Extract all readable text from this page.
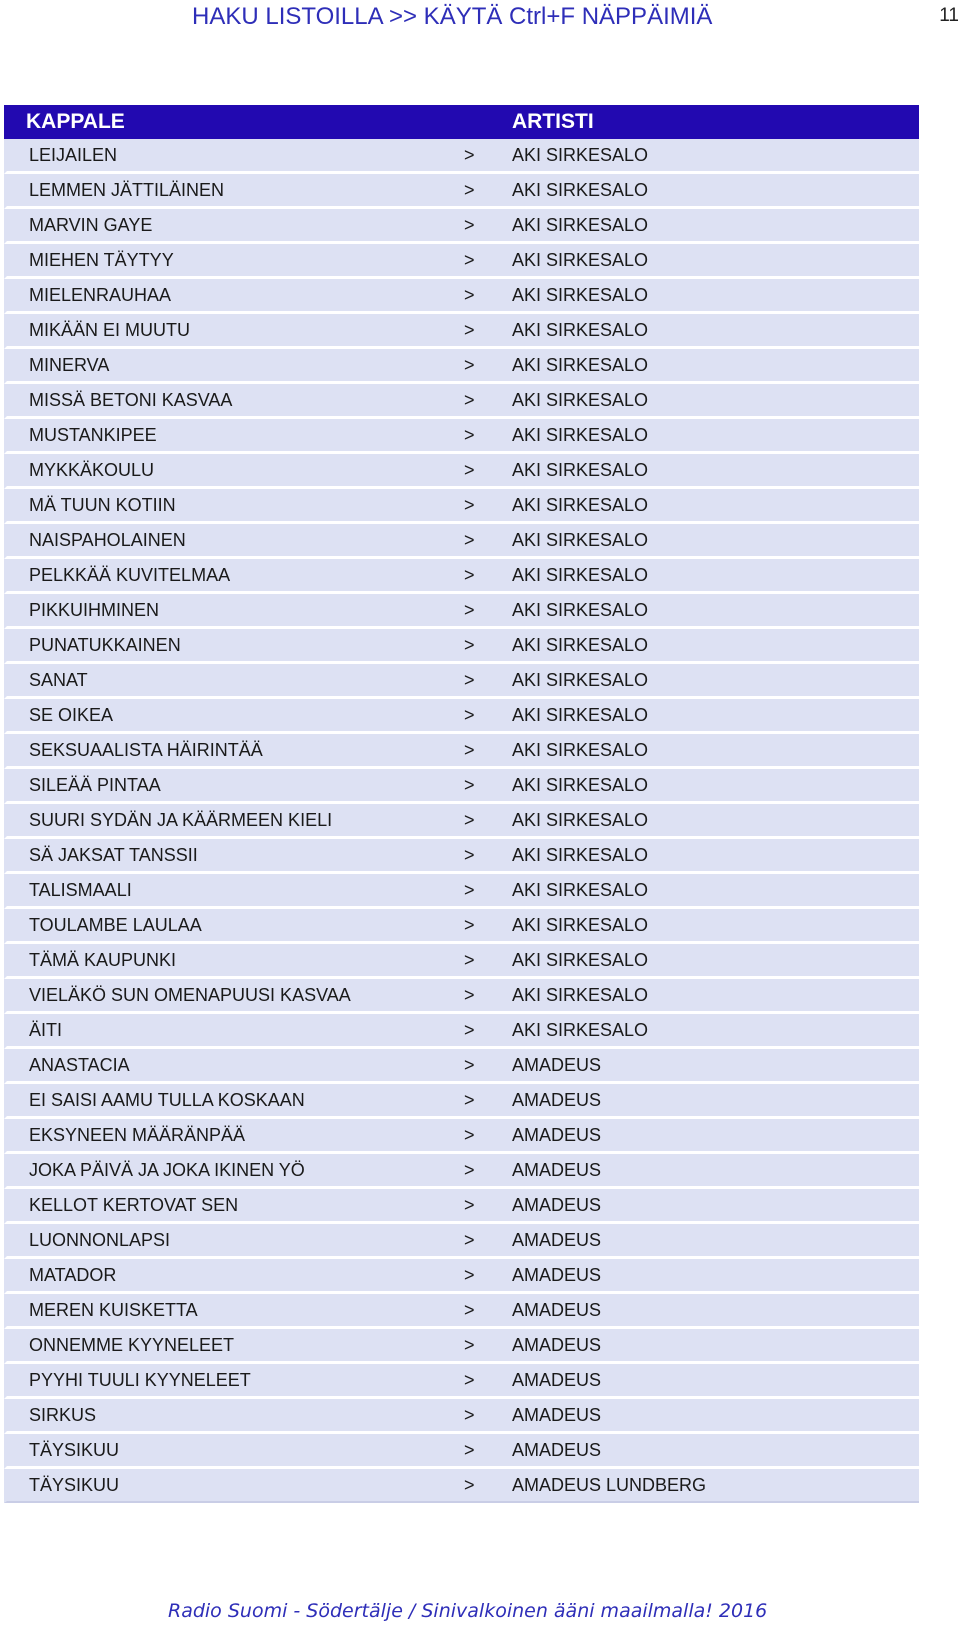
HAKU LISTOILLA >> KÄYTÄ Ctrl+F NÄPPÄIMIÄ	11
KAPPALE		ARTISTI
LEIJAILEN	>	AKI SIRKESALO
LEMMEN JÄTTILÄINEN	>	AKI SIRKESALO
MARVIN GAYE	>	AKI SIRKESALO
MIEHEN TÄYTYY	>	AKI SIRKESALO
MIELENRAUHAA	>	AKI SIRKESALO
MIKÄÄN EI MUUTU	>	AKI SIRKESALO
MINERVA	>	AKI SIRKESALO
MISSÄ BETONI KASVAA	>	AKI SIRKESALO
MUSTANKIPEE	>	AKI SIRKESALO
MYKKÄKOULU	>	AKI SIRKESALO
MÄ TUUN KOTIIN	>	AKI SIRKESALO
NAISPAHOLAINEN	>	AKI SIRKESALO
PELKKÄÄ KUVITELMAA	>	AKI SIRKESALO
PIKKUIHMINEN	>	AKI SIRKESALO
PUNATUKKAINEN	>	AKI SIRKESALO
SANAT	>	AKI SIRKESALO
SE OIKEA	>	AKI SIRKESALO
SEKSUAALISTA HÄIRINTÄÄ	>	AKI SIRKESALO
SILEÄÄ PINTAA	>	AKI SIRKESALO
SUURI SYDÄN JA KÄÄRMEEN KIELI	>	AKI SIRKESALO
SÄ JAKSAT TANSSII	>	AKI SIRKESALO
TALISMAALI	>	AKI SIRKESALO
TOULAMBE LAULAA	>	AKI SIRKESALO
TÄMÄ KAUPUNKI	>	AKI SIRKESALO
VIELÄKÖ SUN OMENAPUUSI KASVAA	>	AKI SIRKESALO
ÄITI	>	AKI SIRKESALO
ANASTACIA	>	AMADEUS
EI SAISI AAMU TULLA KOSKAAN	>	AMADEUS
EKSYNEEN MÄÄRÄNPÄÄ	>	AMADEUS
JOKA PÄIVÄ JA JOKA IKINEN YÖ	>	AMADEUS
KELLOT KERTOVAT SEN	>	AMADEUS
LUONNONLAPSI	>	AMADEUS
MATADOR	>	AMADEUS
MEREN KUISKETTA	>	AMADEUS
ONNEMME KYYNELEET	>	AMADEUS
PYYHI TUULI KYYNELEET	>	AMADEUS
SIRKUS	>	AMADEUS
TÄYSIKUU	>	AMADEUS
TÄYSIKUU	>	AMADEUS LUNDBERG
Radio Suomi - Södertälje / Sinivalkoinen ääni maailmalla! 2016
